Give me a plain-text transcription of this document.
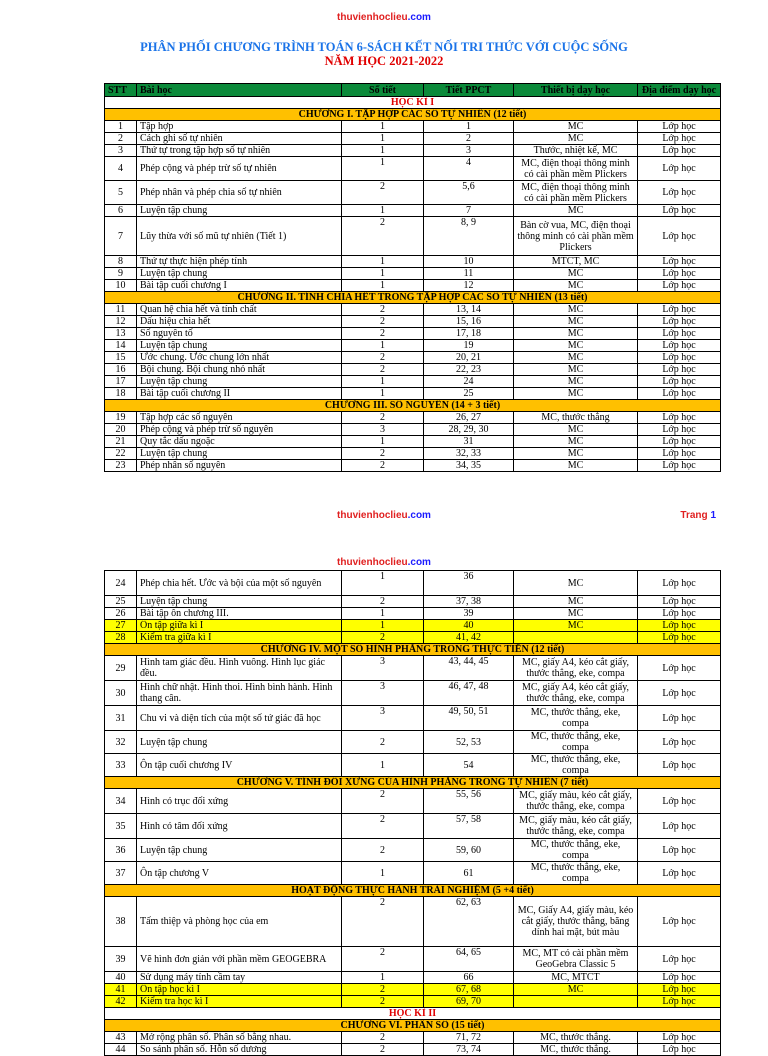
thuvienhoclieu.com
PHÂN PHỐI CHƯƠNG TRÌNH TOÁN 6-SÁCH KẾT NỐI TRI THỨC VỚI CUỘC SỐNG
NĂM HỌC 2021-2022
STT	Bài học	Số tiết	Tiết PPCT	Thiết bị dạy học	Địa điểm dạy học
HỌC KÌ I					
CHƯƠNG I. TẬP HỢP CÁC SỐ TỰ NHIÊN (12 tiết)					
1	Tập hợp	1	1	MC	Lớp học
2	Cách ghi số tự nhiên	1	2	MC	Lớp học
3	Thứ tự trong tập hợp số tự nhiên	1	3	Thước, nhiệt kế, MC	Lớp học
4	Phép cộng và phép trừ số tự nhiên	1	4	MC, điện thoại thông minh có cài phần mềm Plickers	Lớp học
5	Phép nhân và phép chia số tự nhiên	2	5,6	MC, điện thoại thông minh có cài phần mềm Plickers	Lớp học
6	Luyện tập chung	1	7	MC	Lớp học
7	Lũy thừa với số mũ tự nhiên (Tiết 1)	2	8, 9	Bàn cờ vua, MC, điện thoại thông minh có cài phần mềm Plickers	Lớp học
8	Thứ tự thực hiện phép tính	1	10	MTCT, MC	Lớp học
9	Luyện tập chung	1	11	MC	Lớp học
10	Bài tập cuối chương I	1	12	MC	Lớp học
CHƯƠNG II. TÍNH CHIA HẾT TRONG TẬP HỢP CÁC SỐ TỰ NHIÊN (13 tiết)					
11	Quan hệ chia hết và tính chất	2	13, 14	MC	Lớp học
12	Dấu hiệu chia hết	2	15, 16	MC	Lớp học
13	Số nguyên tố	2	17, 18	MC	Lớp học
14	Luyện tập chung	1	19	MC	Lớp học
15	Ước chung. Ước chung lớn nhất	2	20, 21	MC	Lớp học
16	Bội chung. Bội chung nhỏ nhất	2	22, 23	MC	Lớp học
17	Luyện tập chung	1	24	MC	Lớp học
18	Bài tập cuối chương II	1	25	MC	Lớp học
CHƯƠNG III. SỐ NGUYÊN (14 + 3 tiết)					
19	Tập hợp các số nguyên	2	26, 27	MC, thước thẳng	Lớp học
20	Phép cộng và phép trừ số nguyên	3	28, 29, 30	MC	Lớp học
21	Quy tắc dấu ngoặc	1	31	MC	Lớp học
22	Luyện tập chung	2	32, 33	MC	Lớp học
23	Phép nhân số nguyên	2	34, 35	MC	Lớp học
thuvienhoclieu.com	Trang 1
thuvienhoclieu.com
24	Phép chia hết. Ước và bội của một số nguyên	1	36	MC	Lớp học
25	Luyện tập chung	2	37, 38	MC	Lớp học
26	Bài tập ôn chương III.	1	39	MC	Lớp học
27	Ôn tập giữa kì I	1	40	MC	Lớp học
28	Kiểm tra giữa kì I	2	41, 42		Lớp học
CHƯƠNG IV. MỘT SỐ HÌNH PHẲNG TRONG THỰC TIỄN (12 tiết)					
29	Hình tam giác đều. Hình vuông. Hình lục giác đều.	3	43, 44, 45	MC, giấy A4, kéo cắt giấy, thước thẳng, eke, compa	Lớp học
30	Hình chữ nhật. Hình thoi. Hình bình hành. Hình thang cân.	3	46, 47, 48	MC, giấy A4, kéo cắt giấy, thước thẳng, eke, compa	Lớp học
31	Chu vi và diện tích của một số tứ giác đã học	3	49, 50, 51	MC, thước thẳng, eke, compa	Lớp học
32	Luyện tập chung	2	52, 53	MC, thước thẳng, eke, compa	Lớp học
33	Ôn tập cuối chương IV	1	54	MC, thước thẳng, eke, compa	Lớp học
CHƯƠNG V. TÍNH ĐỐI XỨNG CỦA HÌNH PHẲNG TRONG TỰ NHIÊN (7 tiết)					
34	Hình có trục đối xứng	2	55, 56	MC, giấy màu, kéo cắt giấy, thước thẳng, eke, compa	Lớp học
35	Hình có tâm đối xứng	2	57, 58	MC, giấy màu, kéo cắt giấy, thước thẳng, eke, compa	Lớp học
36	Luyện tập chung	2	59, 60	MC, thước thẳng, eke, compa	Lớp học
37	Ôn tập chương V	1	61	MC, thước thẳng, eke, compa	Lớp học
HOẠT ĐỘNG THỰC HÀNH TRẢI NGHIỆM (5 +4 tiết)					
38	Tấm thiệp và phòng học của em	2	62, 63	MC, Giấy A4, giấy màu, kéo cắt giấy, thước thẳng, băng dính hai mặt, bút màu	Lớp học
39	Vẽ hình đơn giản với phần mềm GEOGEBRA	2	64, 65	MC, MT có cài phần mềm GeoGebra Classic 5	Lớp học
40	Sử dụng máy tính cầm tay	1	66	MC, MTCT	Lớp học
41	Ôn tập học kì I	2	67, 68	MC	Lớp học
42	Kiểm tra học kì I	2	69, 70		Lớp học
HỌC KÌ II					
CHƯƠNG VI. PHÂN SỐ (15 tiết)					
43	Mở rộng phân số. Phân số bằng nhau.	2	71, 72	MC, thước thẳng.	Lớp học
44	So sánh phân số. Hỗn số dương	2	73, 74	MC, thước thẳng.	Lớp học
